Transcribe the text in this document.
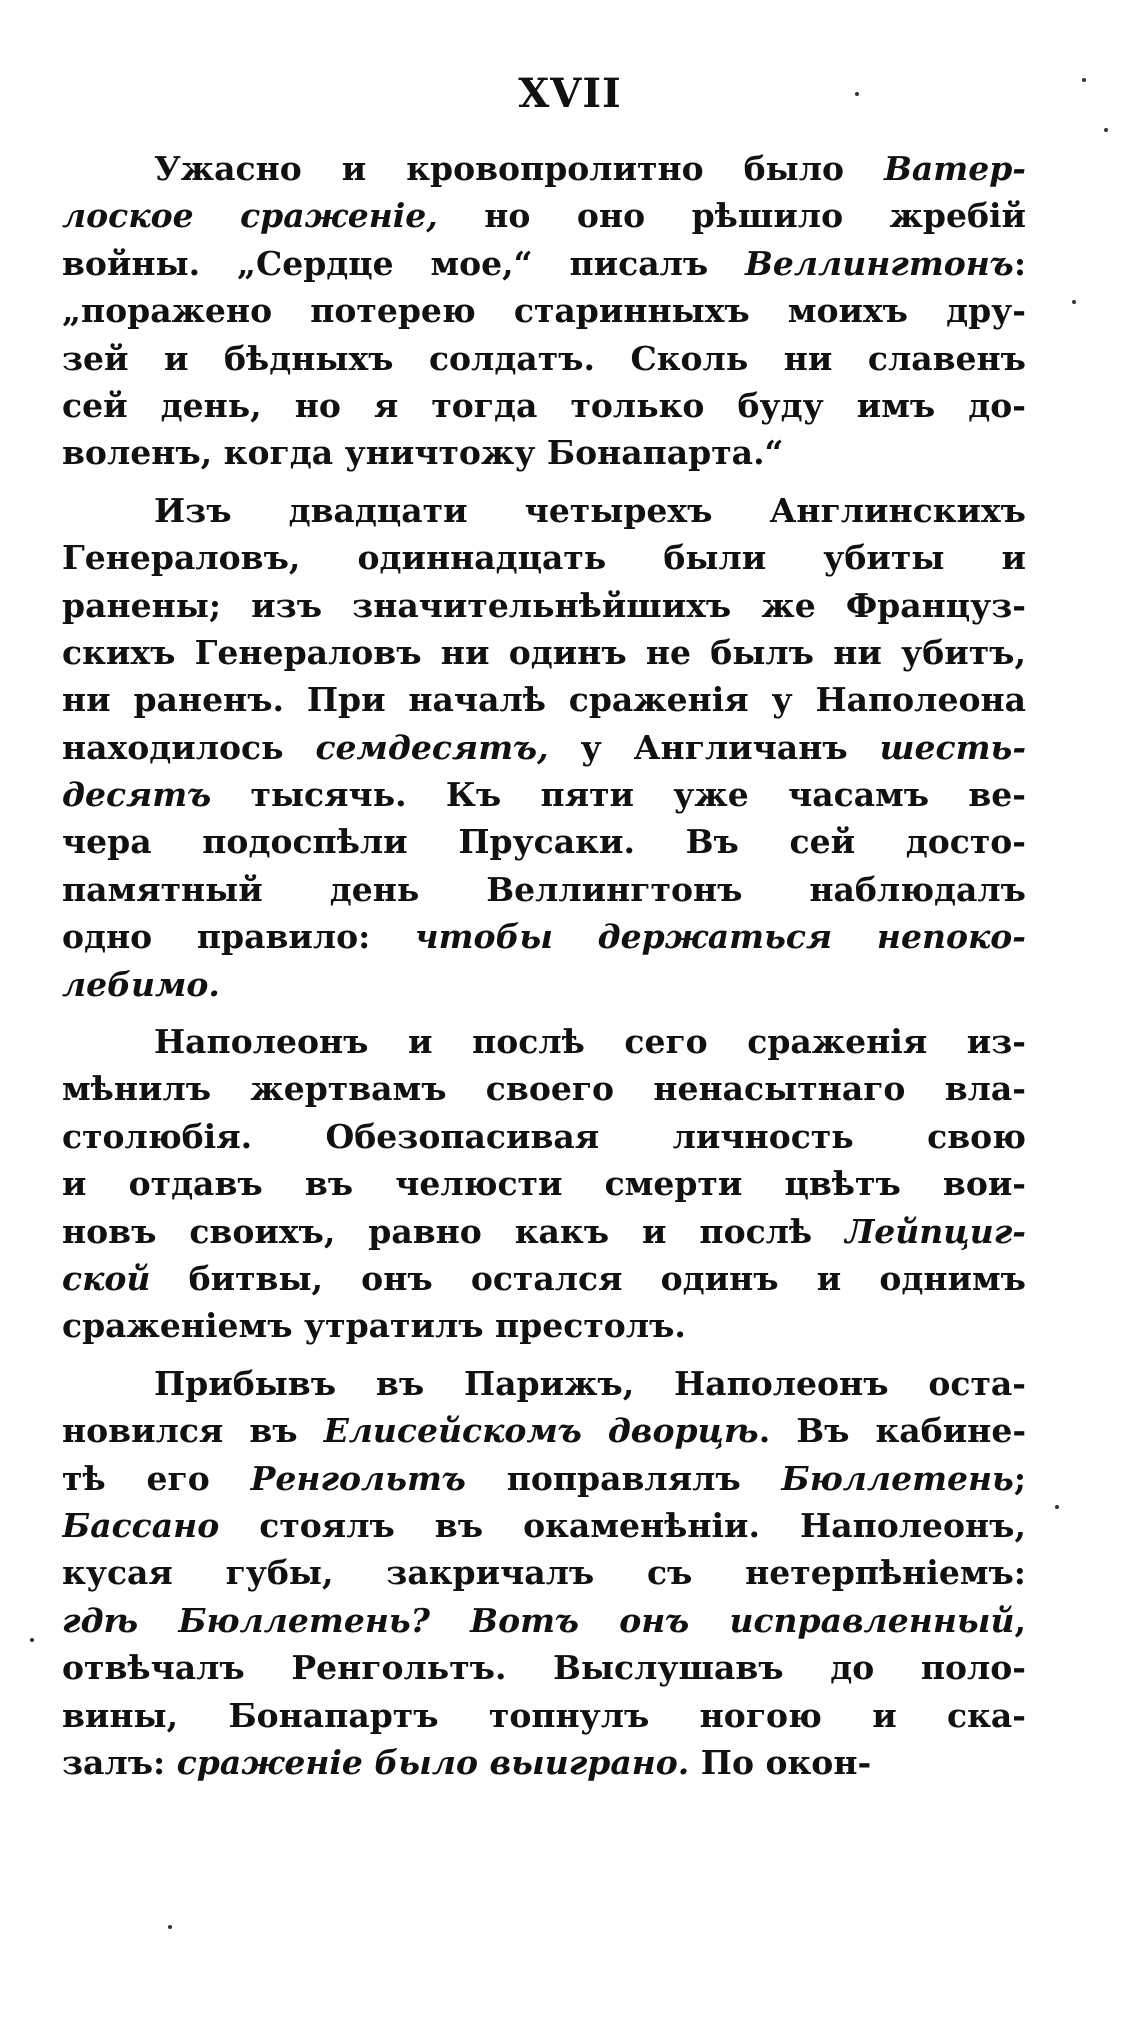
XVII
Ужасно и кровопролитно было Ватер-
лоское сраженіе, но оно рѣшило жребій
войны. „Сердце мое,“ писалъ Веллингтонъ:
„поражено потерею старинныхъ моихъ дру-
зей и бѣдныхъ солдатъ. Сколь ни славенъ
сей день, но я тогда только буду имъ до-
воленъ, когда уничтожу Бонапарта.“
Изъ двадцати четырехъ Англинскихъ
Генераловъ, одиннадцать были убиты и
ранены; изъ значительнѣйшихъ же Француз-
скихъ Генераловъ ни одинъ не былъ ни убитъ,
ни раненъ. При началѣ сраженія у Наполеона
находилось семдесятъ, у Англичанъ шесть-
десятъ тысячь. Къ пяти уже часамъ ве-
чера подоспѣли Прусаки. Въ сей достo-
памятный день Веллингтонъ наблюдалъ
одно правило: чтобы держаться непоко-
лебимо.
Наполеонъ и послѣ сего сраженія из-
мѣнилъ жертвамъ своего ненасытнаго вла-
столюбія. Обезопасивая личность свою
и отдавъ въ челюсти смерти цвѣтъ вои-
новъ своихъ, равно какъ и послѣ Лейпциг-
ской битвы, онъ остался одинъ и однимъ
сраженіемъ утратилъ престолъ.
Прибывъ въ Парижъ, Наполеонъ оста-
новился въ Елисейскомъ дворцѣ. Въ кабине-
тѣ его Ренгольтъ поправлялъ Бюллетень;
Бассано стоялъ въ окаменѣніи. Наполеонъ,
кусая губы, закричалъ съ нетерпѣніемъ:
гдѣ Бюллетень? Вотъ онъ исправленный,
отвѣчалъ Ренгольтъ. Выслушавъ до поло-
вины, Бонапартъ топнулъ ногою и ска-
залъ: сраженіе было выиграно. По окон-
